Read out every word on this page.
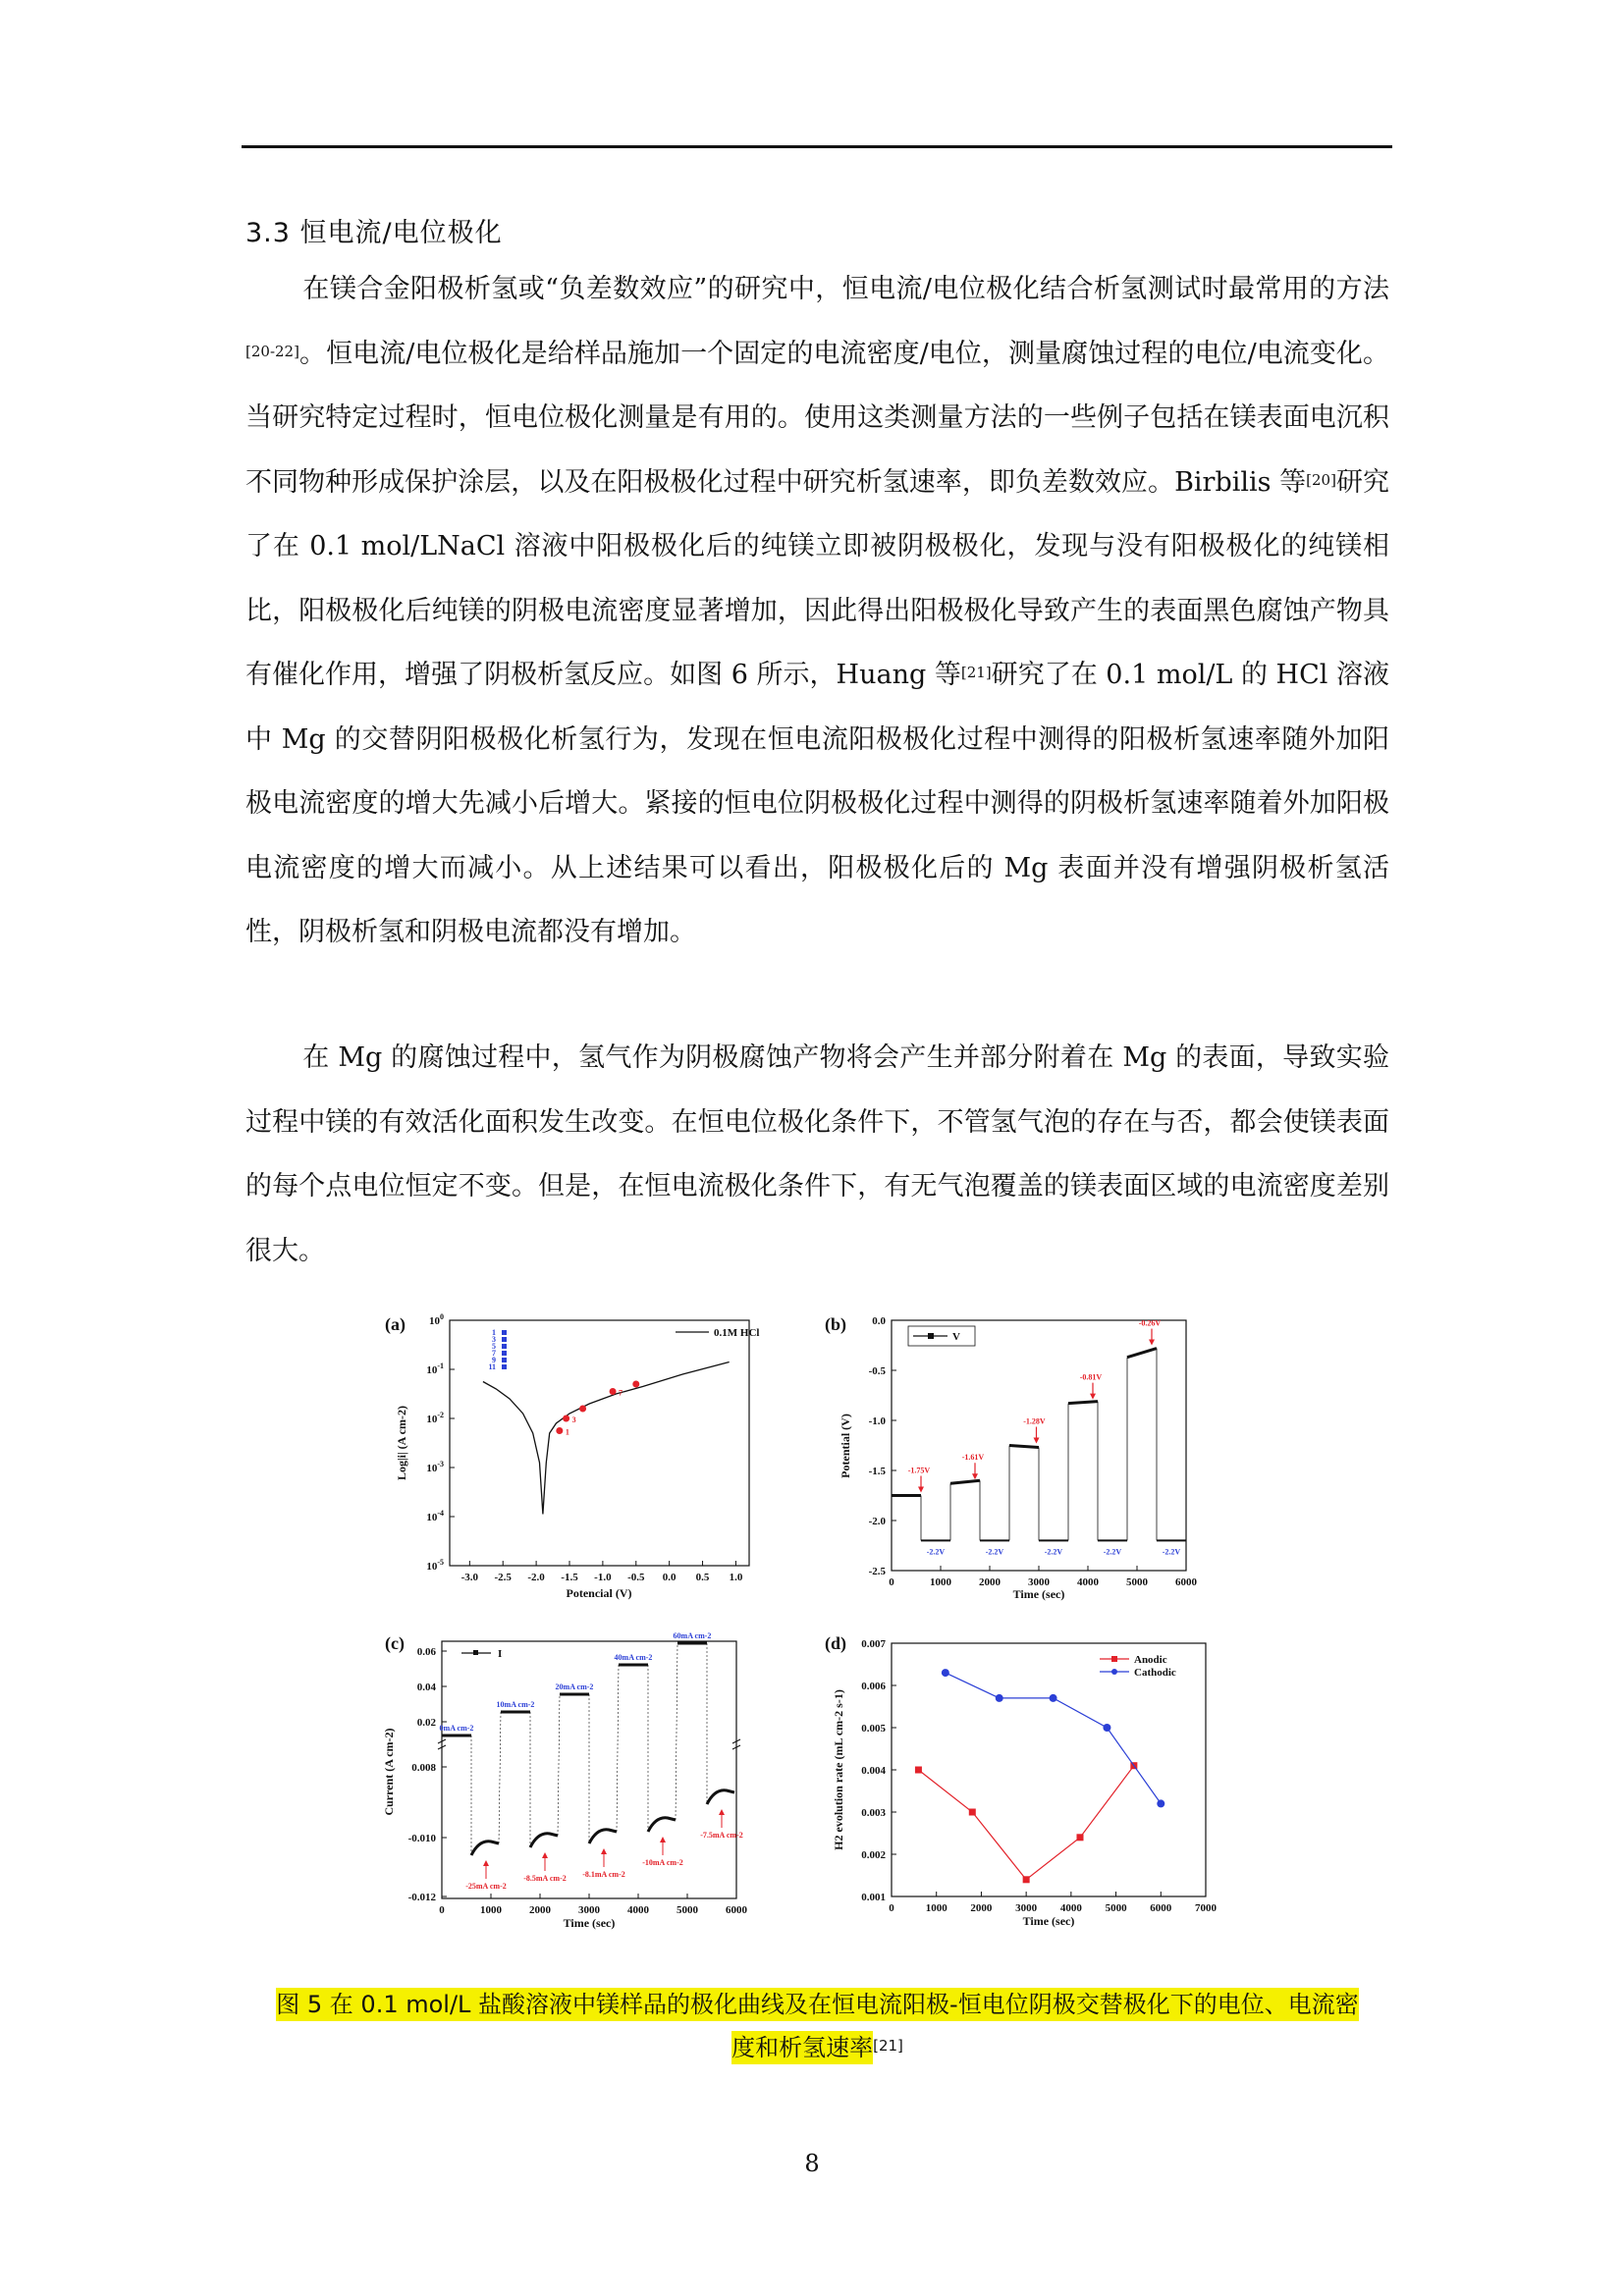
3.3 恒电流/电位极化

在镁合金阳极析氢或“负差数效应”的研究中，恒电流/电位极化结合析氢测试时最常用的方法[20-22]。恒电流/电位极化是给样品施加一个固定的电流密度/电位，测量腐蚀过程的电位/电流变化。当研究特定过程时，恒电位极化测量是有用的。使用这类测量方法的一些例子包括在镁表面电沉积不同物种形成保护涂层，以及在阳极极化过程中研究析氢速率，即负差数效应。Birbilis 等[20]研究了在 0.1 mol/LNaCl 溶液中阳极极化后的纯镁立即被阴极极化，发现与没有阳极极化的纯镁相比，阳极极化后纯镁的阴极电流密度显著增加，因此得出阳极极化导致产生的表面黑色腐蚀产物具有催化作用，增强了阴极析氢反应。如图 6 所示，Huang 等[21]研究了在 0.1 mol/L 的 HCl 溶液中 Mg 的交替阴阳极极化析氢行为，发现在恒电流阳极极化过程中测得的阳极析氢速率随外加阳极电流密度的增大先减小后增大。紧接的恒电位阴极极化过程中测得的阴极析氢速率随着外加阳极电流密度的增大而减小。从上述结果可以看出，阳极极化后的 Mg 表面并没有增强阴极析氢活性，阴极析氢和阴极电流都没有增加。

在 Mg 的腐蚀过程中，氢气作为阴极腐蚀产物将会产生并部分附着在 Mg 的表面，导致实验过程中镁的有效活化面积发生改变。在恒电位极化条件下，不管氢气泡的存在与否，都会使镁表面的每个点电位恒定不变。但是，在恒电流极化条件下，有无气泡覆盖的镁表面区域的电流密度差别很大。

(a)
-3.0 -2.5 -2.0 -1.5 -1.0 -0.5 0.0 0.5 1.0
$10^{-5}$
$10^{-4}$
$10^{-3}$
$10^{-2}$
$10^{-1}$
$10^0$
1
3
7
1
3
5
7
9
11
0.1M HCl
Potencial (V)
Log|i| (A cm-2)
(b)
0	1000	2000	3000	4000	5000	6000
0.0
-0.5
-1.0
-1.5
-2.0
-2.5
-1.75V
-1.61V
-1.28V
-0.81V
-0.26V
-2.2V	-2.2V	-2.2V	-2.2V	-2.2V
V
Time (sec)
Potential (V)
(c)
0	1000	2000	3000	4000	5000	6000
0.06
0.04
0.02
0.008
-0.010
-0.012
0mA cm-2
10mA cm-2
20mA cm-2
40mA cm-2
60mA cm-2
-25mA cm-2
-8.5mA cm-2 -8.1mA cm-2
-10mA cm-2
-7.5mA cm-2
I
Time (sec)
Current (A cm-2)
(d)
0	1000 2000 3000 4000 5000 6000 7000
0.001
0.002
0.003
0.004
0.005
0.006
0.007
Anodic
Cathodic
Time (sec)
H2 evolution rate (mL cm-2 s-1)
图 5 在 0.1 mol/L 盐酸溶液中镁样品的极化曲线及在恒电流阳极-恒电位阴极交替极化下的电位、电流密
度和析氢速率[21]
8
